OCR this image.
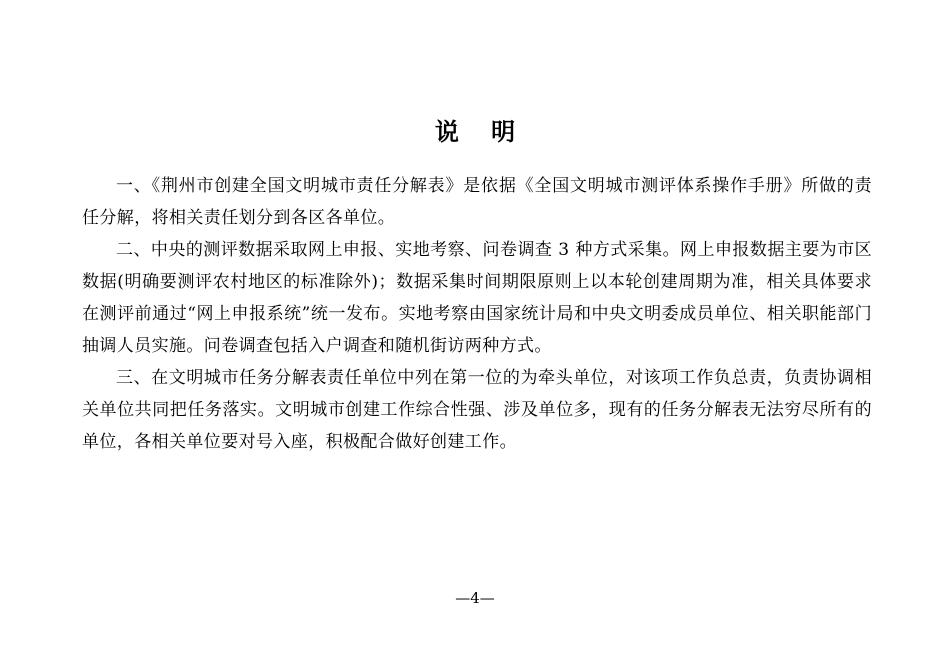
说 明

一、《荆州市创建全国文明城市责任分解表》是依据《全国文明城市测评体系操作手册》所做的责任分解，将相关责任划分到各区各单位。

二、中央的测评数据采取网上申报、实地考察、问卷调查 3 种方式采集。网上申报数据主要为市区数据(明确要测评农村地区的标准除外)；数据采集时间期限原则上以本轮创建周期为准，相关具体要求在测评前通过“网上申报系统”统一发布。实地考察由国家统计局和中央文明委成员单位、相关职能部门抽调人员实施。问卷调查包括入户调查和随机街访两种方式。

三、在文明城市任务分解表责任单位中列在第一位的为牵头单位，对该项工作负总责，负责协调相关单位共同把任务落实。文明城市创建工作综合性强、涉及单位多，现有的任务分解表无法穷尽所有的单位，各相关单位要对号入座，积极配合做好创建工作。

—4—
